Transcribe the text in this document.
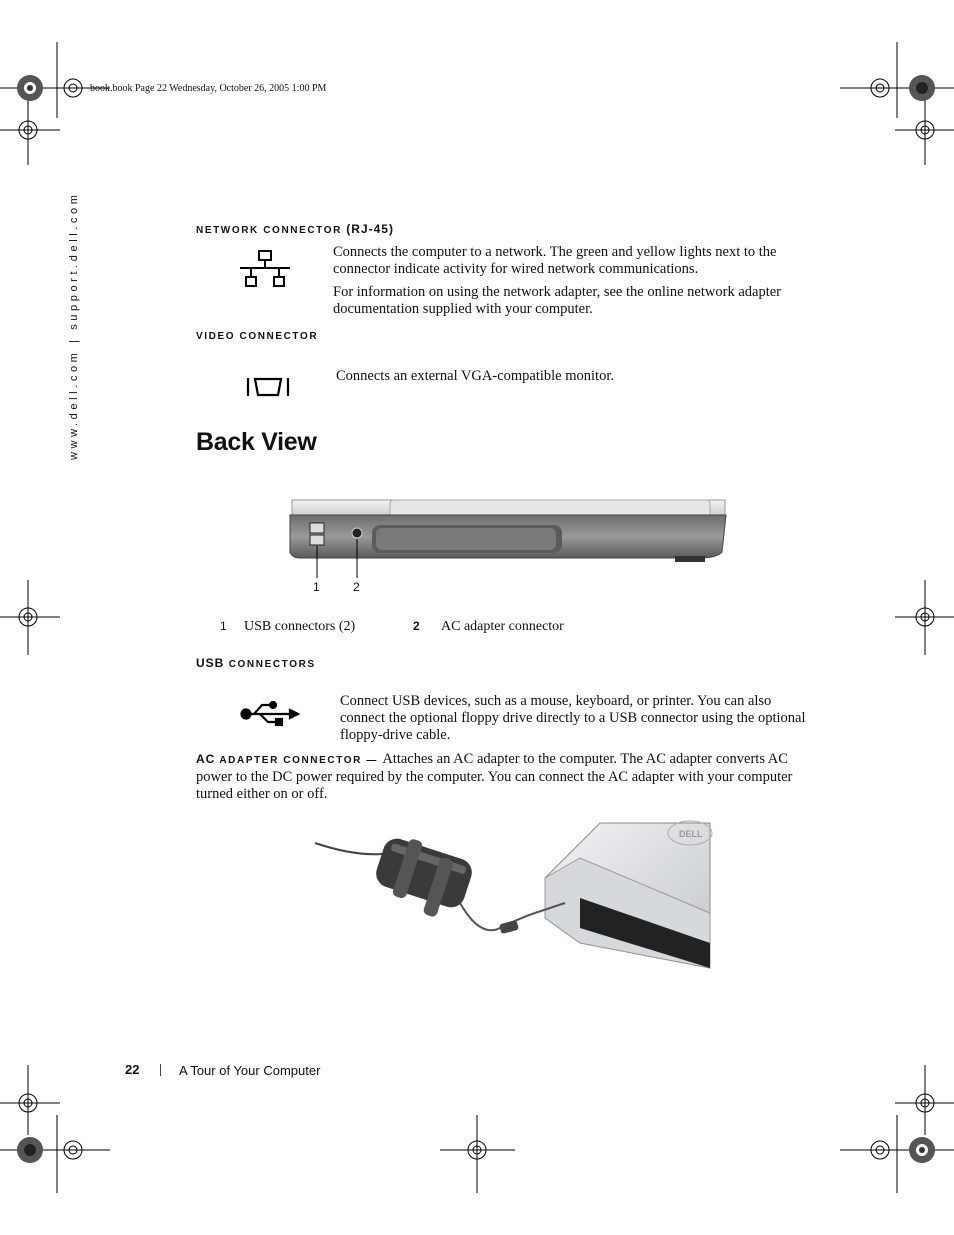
book.book Page 22 Wednesday, October 26, 2005 1:00 PM
www.dell.com | support.dell.com	NETWORK CONNECTOR (RJ-45)
Connects the computer to a network. The green and yellow lights next to the connector indicate activity for wired network communications.
For information on using the network adapter, see the online network adapter documentation supplied with your computer.
VIDEO CONNECTOR
Connects an external VGA-compatible monitor.
Back View
1	2
1 USB connectors (2)	2 AC adapter connector
USB CONNECTORS
Connect USB devices, such as a mouse, keyboard, or printer. You can also connect the optional floppy drive directly to a USB connector using the optional floppy-drive cable.
AC ADAPTER CONNECTOR — Attaches an AC adapter to the computer. The AC adapter converts AC power to the DC power required by the computer. You can connect the AC adapter with your computer turned either on or off.
DELL
22	A Tour of Your Computer
